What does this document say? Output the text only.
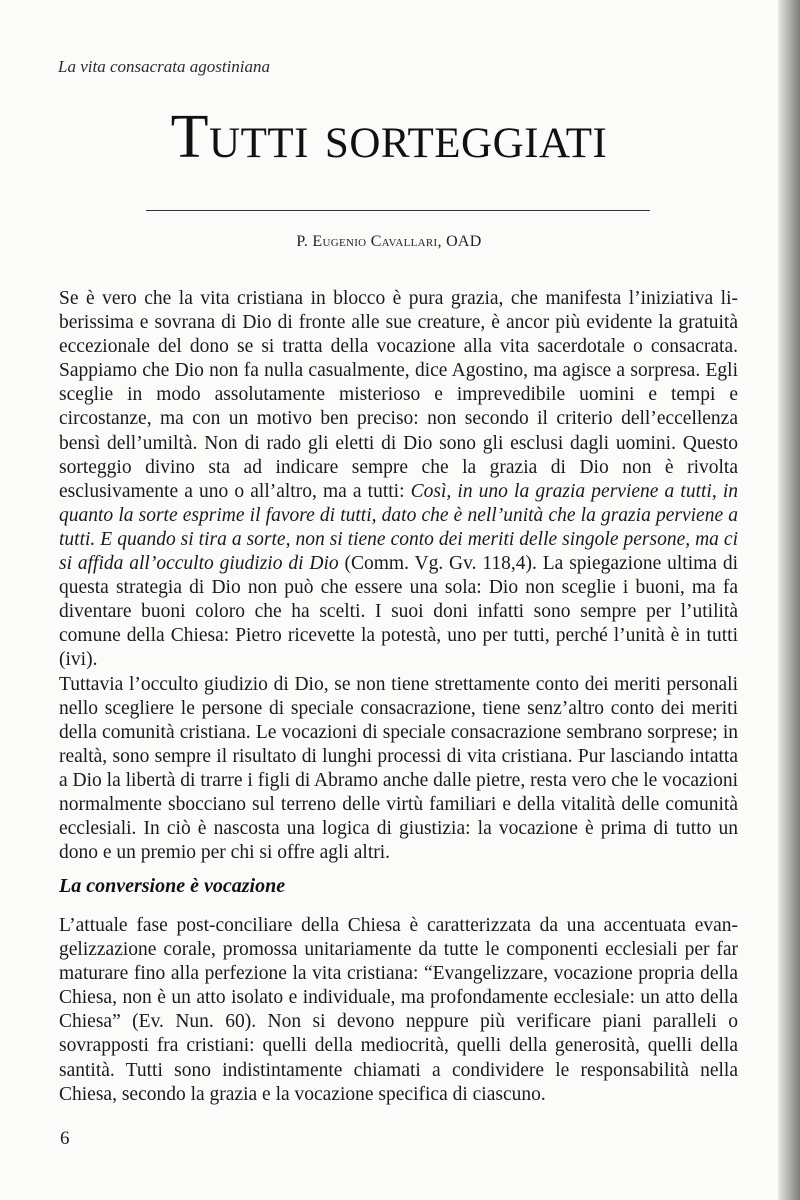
La vita consacrata agostiniana

Tutti sorteggiati

P. Eugenio Cavallari, OAD

Se è vero che la vita cristiana in blocco è pura grazia, che manifesta l’iniziativa liberissima e sovrana di Dio di fronte alle sue creature, è ancor più evidente la gratuità eccezionale del dono se si tratta della vocazione alla vita sacerdotale o consacrata. Sappiamo che Dio non fa nulla casualmente, dice Agostino, ma agisce a sorpresa. Egli sceglie in modo assolutamente misterioso e imprevedibile uomini e tempi e circostanze, ma con un motivo ben preciso: non secondo il criterio dell’eccellenza bensì dell’umiltà. Non di rado gli eletti di Dio sono gli esclusi dagli uomini. Questo sorteggio divino sta ad indicare sempre che la grazia di Dio non è rivolta esclusivamente a uno o all’altro, ma a tutti: Così, in uno la grazia perviene a tutti, in quanto la sorte esprime il favore di tutti, dato che è nell’unità che la grazia perviene a tutti. E quando si tira a sorte, non si tiene conto dei meriti delle singole persone, ma ci si affida all’occulto giudizio di Dio (Comm. Vg. Gv. 118,4). La spiegazione ultima di questa strategia di Dio non può che essere una sola: Dio non sceglie i buoni, ma fa diventare buoni coloro che ha scelti. I suoi doni infatti sono sempre per l’utilità comune della Chiesa: Pietro ricevette la potestà, uno per tutti, perché l’unità è in tutti (ivi).

Tuttavia l’occulto giudizio di Dio, se non tiene strettamente conto dei meriti personali nello scegliere le persone di speciale consacrazione, tiene senz’altro conto dei meriti della comunità cristiana. Le vocazioni di speciale consacrazione sembrano sorprese; in realtà, sono sempre il risultato di lunghi processi di vita cristiana. Pur lasciando intatta a Dio la libertà di trarre i figli di Abramo anche dalle pietre, resta vero che le vocazioni normalmente sbocciano sul terreno delle virtù familiari e della vitalità delle comunità ecclesiali. In ciò è nascosta una logica di giustizia: la vocazione è prima di tutto un dono e un premio per chi si offre agli altri.

La conversione è vocazione

L’attuale fase post-conciliare della Chiesa è caratterizzata da una accentuata evangelizzazione corale, promossa unitariamente da tutte le componenti ecclesiali per far maturare fino alla perfezione la vita cristiana: “Evangelizzare, vocazione propria della Chiesa, non è un atto isolato e individuale, ma profondamente ecclesiale: un atto della Chiesa” (Ev. Nun. 60). Non si devono neppure più verificare piani paralleli o sovrapposti fra cristiani: quelli della mediocrità, quelli della generosità, quelli della santità. Tutti sono indistintamente chiamati a condividere le responsabilità nella Chiesa, secondo la grazia e la vocazione specifica di ciascuno.

6
